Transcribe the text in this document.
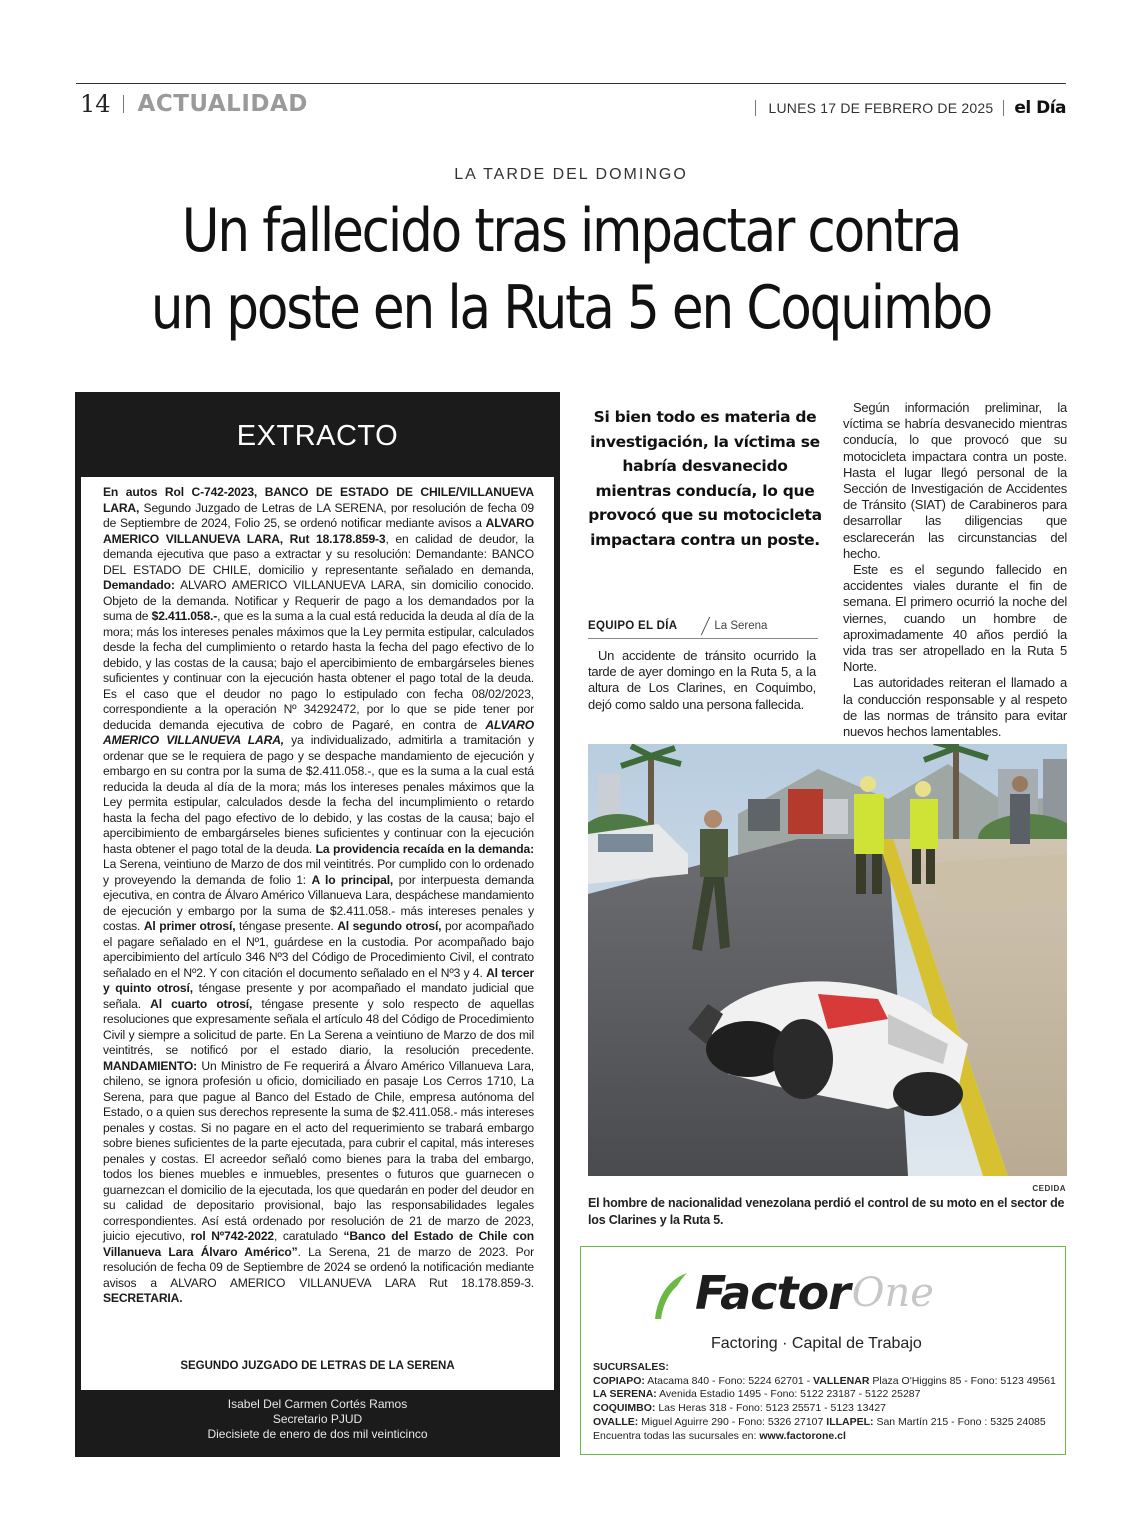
14 ACTUALIDAD	LUNES 17 DE FEBRERO DE 2025 el Día
LA TARDE DEL DOMINGO
Un fallecido tras impactar contra
un poste en la Ruta 5 en Coquimbo
EXTRACTO

En autos Rol C-742-2023, BANCO DE ESTADO DE CHILE/VILLANUEVA LARA, Segundo Juzgado de Letras de LA SERENA, por resolución de fecha 09 de Septiembre de 2024, Folio 25, se ordenó notificar mediante avisos a ALVARO AMERICO VILLANUEVA LARA, Rut 18.178.859-3, en calidad de deudor, la demanda ejecutiva que paso a extractar y su resolución: Demandante: BANCO DEL ESTADO DE CHILE, domicilio y representante señalado en demanda, Demandado: ALVARO AMERICO VILLANUEVA LARA, sin domicilio conocido. Objeto de la demanda. Notificar y Requerir de pago a los demandados por la suma de $2.411.058.-, que es la suma a la cual está reducida la deuda al día de la mora; más los intereses penales máximos que la Ley permita estipular, calculados desde la fecha del cumplimiento o retardo hasta la fecha del pago efectivo de lo debido, y las costas de la causa; bajo el apercibimiento de embargárseles bienes suficientes y continuar con la ejecución hasta obtener el pago total de la deuda. Es el caso que el deudor no pago lo estipulado con fecha 08/02/2023, correspondiente a la operación Nº 34292472, por lo que se pide tener por deducida demanda ejecutiva de cobro de Pagaré, en contra de ALVARO AMERICO VILLANUEVA LARA, ya individualizado, admitirla a tramitación y ordenar que se le requiera de pago y se despache mandamiento de ejecución y embargo en su contra por la suma de $2.411.058.-, que es la suma a la cual está reducida la deuda al día de la mora; más los intereses penales máximos que la Ley permita estipular, calculados desde la fecha del incumplimiento o retardo hasta la fecha del pago efectivo de lo debido, y las costas de la causa; bajo el apercibimiento de embargárseles bienes suficientes y continuar con la ejecución hasta obtener el pago total de la deuda. La providencia recaída en la demanda: La Serena, veintiuno de Marzo de dos mil veintitrés. Por cumplido con lo ordenado y proveyendo la demanda de folio 1: A lo principal, por interpuesta demanda ejecutiva, en contra de Álvaro Américo Villanueva Lara, despáchese mandamiento de ejecución y embargo por la suma de $2.411.058.- más intereses penales y costas. Al primer otrosí, téngase presente. Al segundo otrosí, por acompañado el pagare señalado en el Nº1, guárdese en la custodia. Por acompañado bajo apercibimiento del artículo 346 Nº3 del Código de Procedimiento Civil, el contrato señalado en el Nº2. Y con citación el documento señalado en el Nº3 y 4. Al tercer y quinto otrosí, téngase presente y por acompañado el mandato judicial que señala. Al cuarto otrosí, téngase presente y solo respecto de aquellas resoluciones que expresamente señala el artículo 48 del Código de Procedimiento Civil y siempre a solicitud de parte. En La Serena a veintiuno de Marzo de dos mil veintitrés, se notificó por el estado diario, la resolución precedente. MANDAMIENTO: Un Ministro de Fe requerirá a Álvaro Américo Villanueva Lara, chileno, se ignora profesión u oficio, domiciliado en pasaje Los Cerros 1710, La Serena, para que pague al Banco del Estado de Chile, empresa autónoma del Estado, o a quien sus derechos represente la suma de $2.411.058.- más intereses penales y costas. Si no pagare en el acto del requerimiento se trabará embargo sobre bienes suficientes de la parte ejecutada, para cubrir el capital, más intereses penales y costas. El acreedor señaló como bienes para la traba del embargo, todos los bienes muebles e inmuebles, presentes o futuros que guarnecen o guarnezcan el domicilio de la ejecutada, los que quedarán en poder del deudor en su calidad de depositario provisional, bajo las responsabilidades legales correspondientes. Así está ordenado por resolución de 21 de marzo de 2023, juicio ejecutivo, rol Nº742-2022, caratulado “Banco del Estado de Chile con Villanueva Lara Álvaro Américo”. La Serena, 21 de marzo de 2023. Por resolución de fecha 09 de Septiembre de 2024 se ordenó la notificación mediante avisos a ALVARO AMERICO VILLANUEVA LARA Rut 18.178.859-3. SECRETARIA.

SEGUNDO JUZGADO DE LETRAS DE LA SERENA
Isabel Del Carmen Cortés Ramos
Secretario PJUD
Diecisiete de enero de dos mil veinticinco
Si bien todo es materia de investigación, la víctima se habría desvanecido mientras conducía, lo que provocó que su motocicleta impactara contra un poste.
EQUIPO EL DÍA	La Serena

Un accidente de tránsito ocurrido la tarde de ayer domingo en la Ruta 5, a la altura de Los Clarines, en Coquimbo, dejó como saldo una persona fallecida.

Según información preliminar, la víctima se habría desvanecido mientras conducía, lo que provocó que su motocicleta impactara contra un poste. Hasta el lugar llegó personal de la Sección de Investigación de Accidentes de Tránsito (SIAT) de Carabineros para desarrollar las diligencias que esclarecerán las circunstancias del hecho.

Este es el segundo fallecido en accidentes viales durante el fin de semana. El primero ocurrió la noche del viernes, cuando un hombre de aproximadamente 40 años perdió la vida tras ser atropellado en la Ruta 5 Norte.

Las autoridades reiteran el llamado a la conducción responsable y al respeto de las normas de tránsito para evitar nuevos hechos lamentables.

CEDIDA
El hombre de nacionalidad venezolana perdió el control de su moto en el sector de los Clarines y la Ruta 5.
Factor One
Factoring · Capital de Trabajo
SUCURSALES:
COPIAPO: Atacama 840 - Fono: 5224 62701 - VALLENAR Plaza O'Higgins 85 - Fono: 5123 49561
LA SERENA: Avenida Estadio 1495 - Fono: 5122 23187 - 5122 25287
COQUIMBO: Las Heras 318 - Fono: 5123 25571 - 5123 13427
OVALLE: Miguel Aguirre 290 - Fono: 5326 27107 ILLAPEL: San Martín 215 - Fono : 5325 24085
Encuentra todas las sucursales en: www.factorone.cl
